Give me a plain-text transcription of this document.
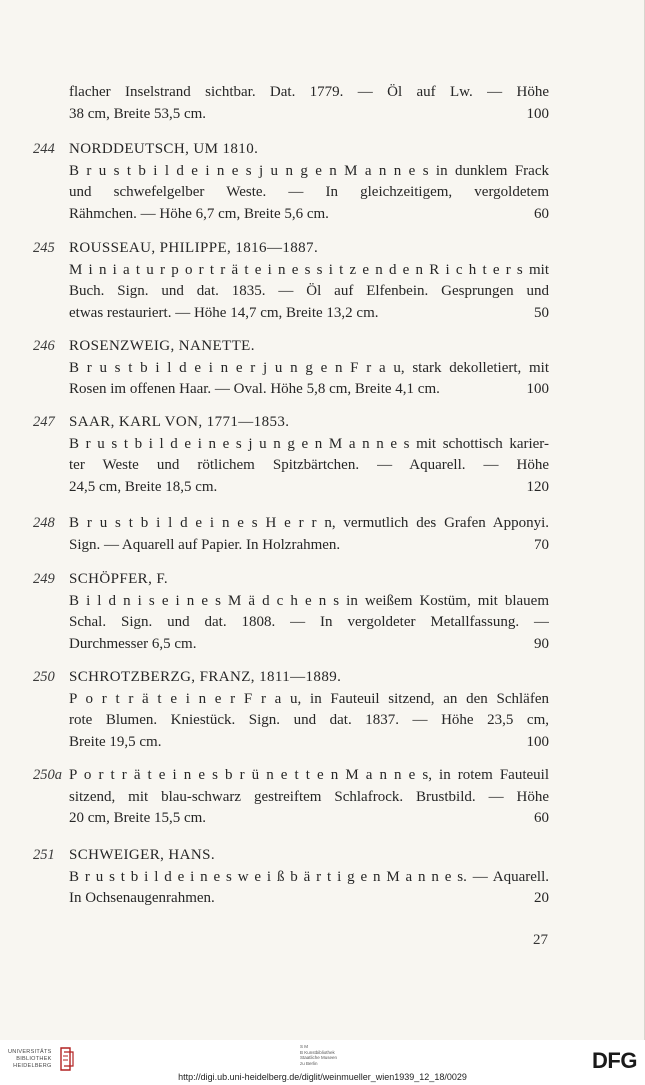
flacher Inselstrand sichtbar. Dat. 1779. — Öl auf Lw. — Höhe
38 cm, Breite 53,5 cm.	100
244 NORDDEUTSCH, UM 1810.
B r u s t b i l d e i n e s j u n g e n M a n n e s in dunklem Frack
und schwefelgelber Weste. — In gleichzeitigem, vergoldetem
Rähmchen. — Höhe 6,7 cm, Breite 5,6 cm.	60
245 ROUSSEAU, PHILIPPE, 1816—1887.
M i n i a t u r p o r t r ä t e i n e s s i t z e n d e n R i c h t e r s mit
Buch. Sign. und dat. 1835. — Öl auf Elfenbein. Gesprungen und
etwas restauriert. — Höhe 14,7 cm, Breite 13,2 cm.	50
246 ROSENZWEIG, NANETTE.
B r u s t b i l d e i n e r j u n g e n F r a u, stark dekolletiert, mit
Rosen im offenen Haar. — Oval. Höhe 5,8 cm, Breite 4,1 cm.	100
247 SAAR, KARL VON, 1771—1853.
B r u s t b i l d e i n e s j u n g e n M a n n e s mit schottisch karier-
ter Weste und rötlichem Spitzbärtchen. — Aquarell. — Höhe
24,5 cm, Breite 18,5 cm.	120
248 B r u s t b i l d e i n e s H e r r n, vermutlich des Grafen Apponyi.
Sign. — Aquarell auf Papier. In Holzrahmen.	70
249 SCHÖPFER, F.
B i l d n i s e i n e s M ä d c h e n s in weißem Kostüm, mit blauem
Schal. Sign. und dat. 1808. — In vergoldeter Metallfassung. —
Durchmesser 6,5 cm.	90
250 SCHROTZBERZG, FRANZ, 1811—1889.
P o r t r ä t e i n e r F r a u, in Fauteuil sitzend, an den Schläfen
rote Blumen. Kniestück. Sign. und dat. 1837. — Höhe 23,5 cm,
Breite 19,5 cm.	100
250a P o r t r ä t e i n e s b r ü n e t t e n M a n n e s, in rotem Fauteuil
sitzend, mit blau-schwarz gestreiftem Schlafrock. Brustbild. — Höhe
20 cm, Breite 15,5 cm.	60
251 SCHWEIGER, HANS.
B r u s t b i l d e i n e s w e i ß b ä r t i g e n M a n n e s. — Aquarell.
In Ochsenaugenrahmen.	20
27
UNIVERSITÄTS
BIBLIOTHEK
HEIDELBERG
S M
B Kunstbibliothek
Staatliche Museen
zu Berlin
http://digi.ub.uni-heidelberg.de/diglit/weinmueller_wien1939_12_18/0029
DFG
